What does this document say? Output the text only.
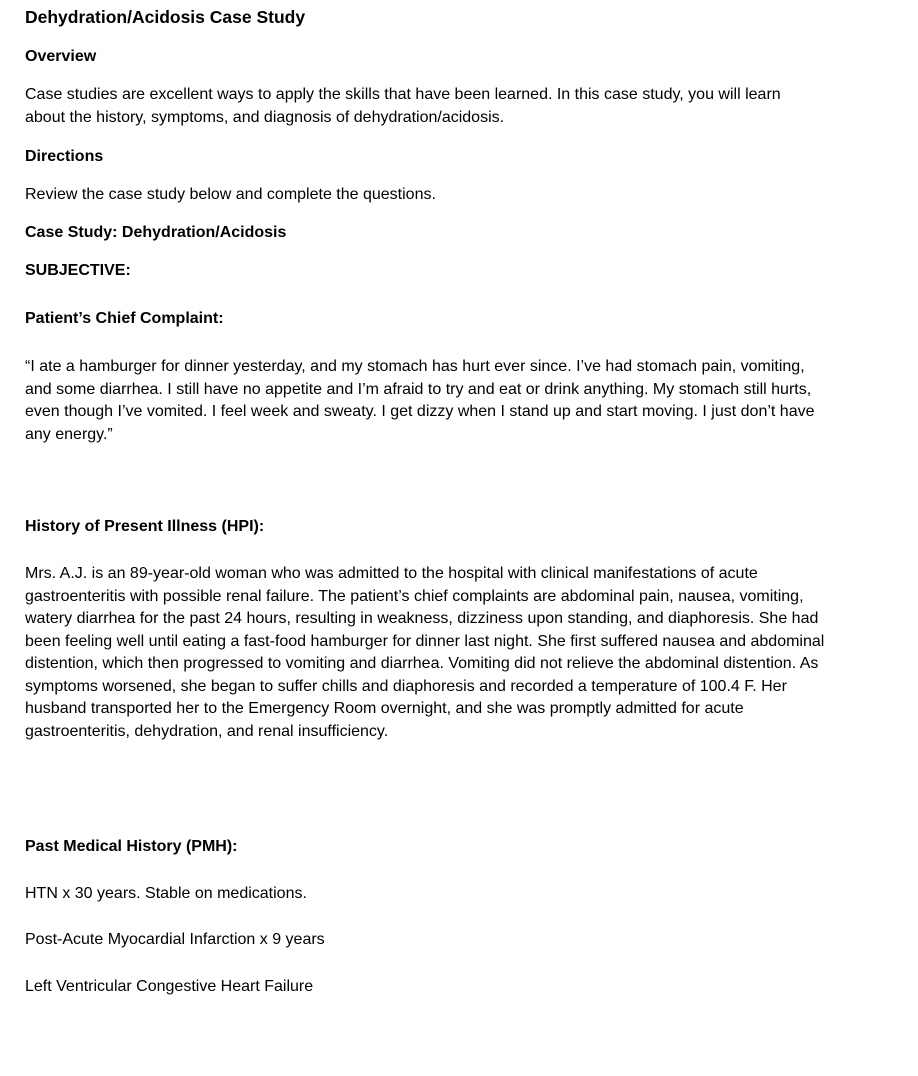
Dehydration/Acidosis Case Study

Overview

Case studies are excellent ways to apply the skills that have been learned. In this case study, you will learn about the history, symptoms, and diagnosis of dehydration/acidosis.

Directions

Review the case study below and complete the questions.

Case Study: Dehydration/Acidosis

SUBJECTIVE:

Patient’s Chief Complaint:

“I ate a hamburger for dinner yesterday, and my stomach has hurt ever since. I’ve had stomach pain, vomiting, and some diarrhea. I still have no appetite and I’m afraid to try and eat or drink anything. My stomach still hurts, even though I’ve vomited. I feel week and sweaty. I get dizzy when I stand up and start moving. I just don’t have any energy.”

History of Present Illness (HPI):

Mrs. A.J. is an 89-year-old woman who was admitted to the hospital with clinical manifestations of acute gastroenteritis with possible renal failure. The patient’s chief complaints are abdominal pain, nausea, vomiting, watery diarrhea for the past 24 hours, resulting in weakness, dizziness upon standing, and diaphoresis. She had been feeling well until eating a fast-food hamburger for dinner last night. She first suffered nausea and abdominal distention, which then progressed to vomiting and diarrhea. Vomiting did not relieve the abdominal distention. As symptoms worsened, she began to suffer chills and diaphoresis and recorded a temperature of 100.4 F. Her husband transported her to the Emergency Room overnight, and she was promptly admitted for acute gastroenteritis, dehydration, and renal insufficiency.

Past Medical History (PMH):

HTN x 30 years. Stable on medications.

Post-Acute Myocardial Infarction x 9 years

Left Ventricular Congestive Heart Failure
